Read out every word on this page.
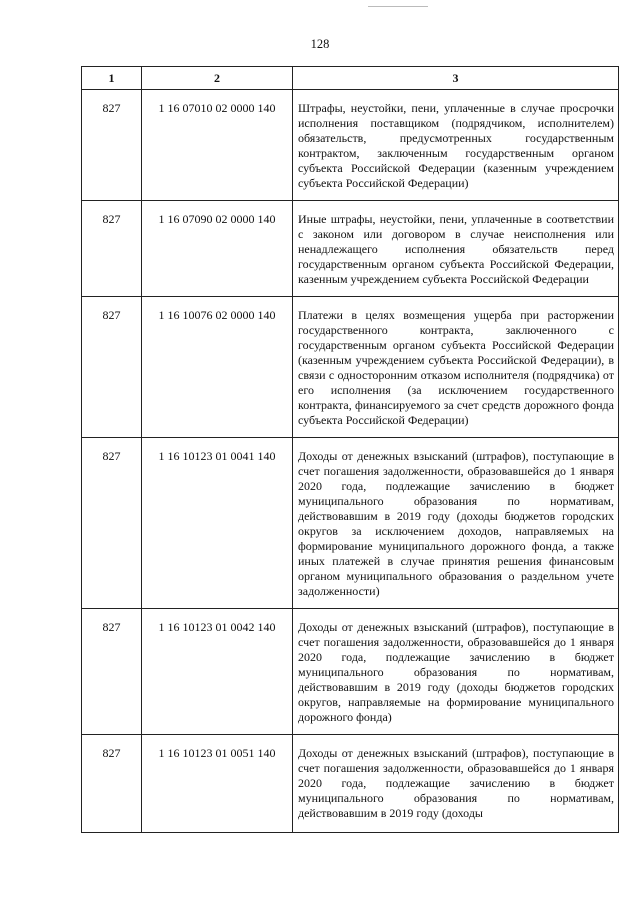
128
1	2	3
827	1 16 07010 02 0000 140	Штрафы, неустойки, пени, уплаченные в случае просрочки исполнения поставщиком (подрядчиком, исполнителем) обязательств, предусмотренных государственным контрактом, заключенным государственным органом субъекта Российской Федерации (казенным учреждением субъекта Российской Федерации)
827	1 16 07090 02 0000 140	Иные штрафы, неустойки, пени, уплаченные в соответствии с законом или договором в случае неисполнения или ненадлежащего исполнения обязательств перед государственным органом субъекта Российской Федерации, казенным учреждением субъекта Российской Федерации
827	1 16 10076 02 0000 140	Платежи в целях возмещения ущерба при расторжении государственного контракта, заключенного с государственным органом субъекта Российской Федерации (казенным учреждением субъекта Российской Федерации), в связи с односторонним отказом исполнителя (подрядчика) от его исполнения (за исключением государственного контракта, финансируемого за счет средств дорожного фонда субъекта Российской Федерации)
827	1 16 10123 01 0041 140	Доходы от денежных взысканий (штрафов), поступающие в счет погашения задолженности, образовавшейся до 1 января 2020 года, подлежащие зачислению в бюджет муниципального образования по нормативам, действовавшим в 2019 году (доходы бюджетов городских округов за исключением доходов, направляемых на формирование муниципального дорожного фонда, а также иных платежей в случае принятия решения финансовым органом муниципального образования о раздельном учете задолженности)
827	1 16 10123 01 0042 140	Доходы от денежных взысканий (штрафов), поступающие в счет погашения задолженности, образовавшейся до 1 января 2020 года, подлежащие зачислению в бюджет муниципального образования по нормативам, действовавшим в 2019 году (доходы бюджетов городских округов, направляемые на формирование муниципального дорожного фонда)
827	1 16 10123 01 0051 140	Доходы от денежных взысканий (штрафов), поступающие в счет погашения задолженности, образовавшейся до 1 января 2020 года, подлежащие зачислению в бюджет муниципального образования по нормативам, действовавшим в 2019 году (доходы
